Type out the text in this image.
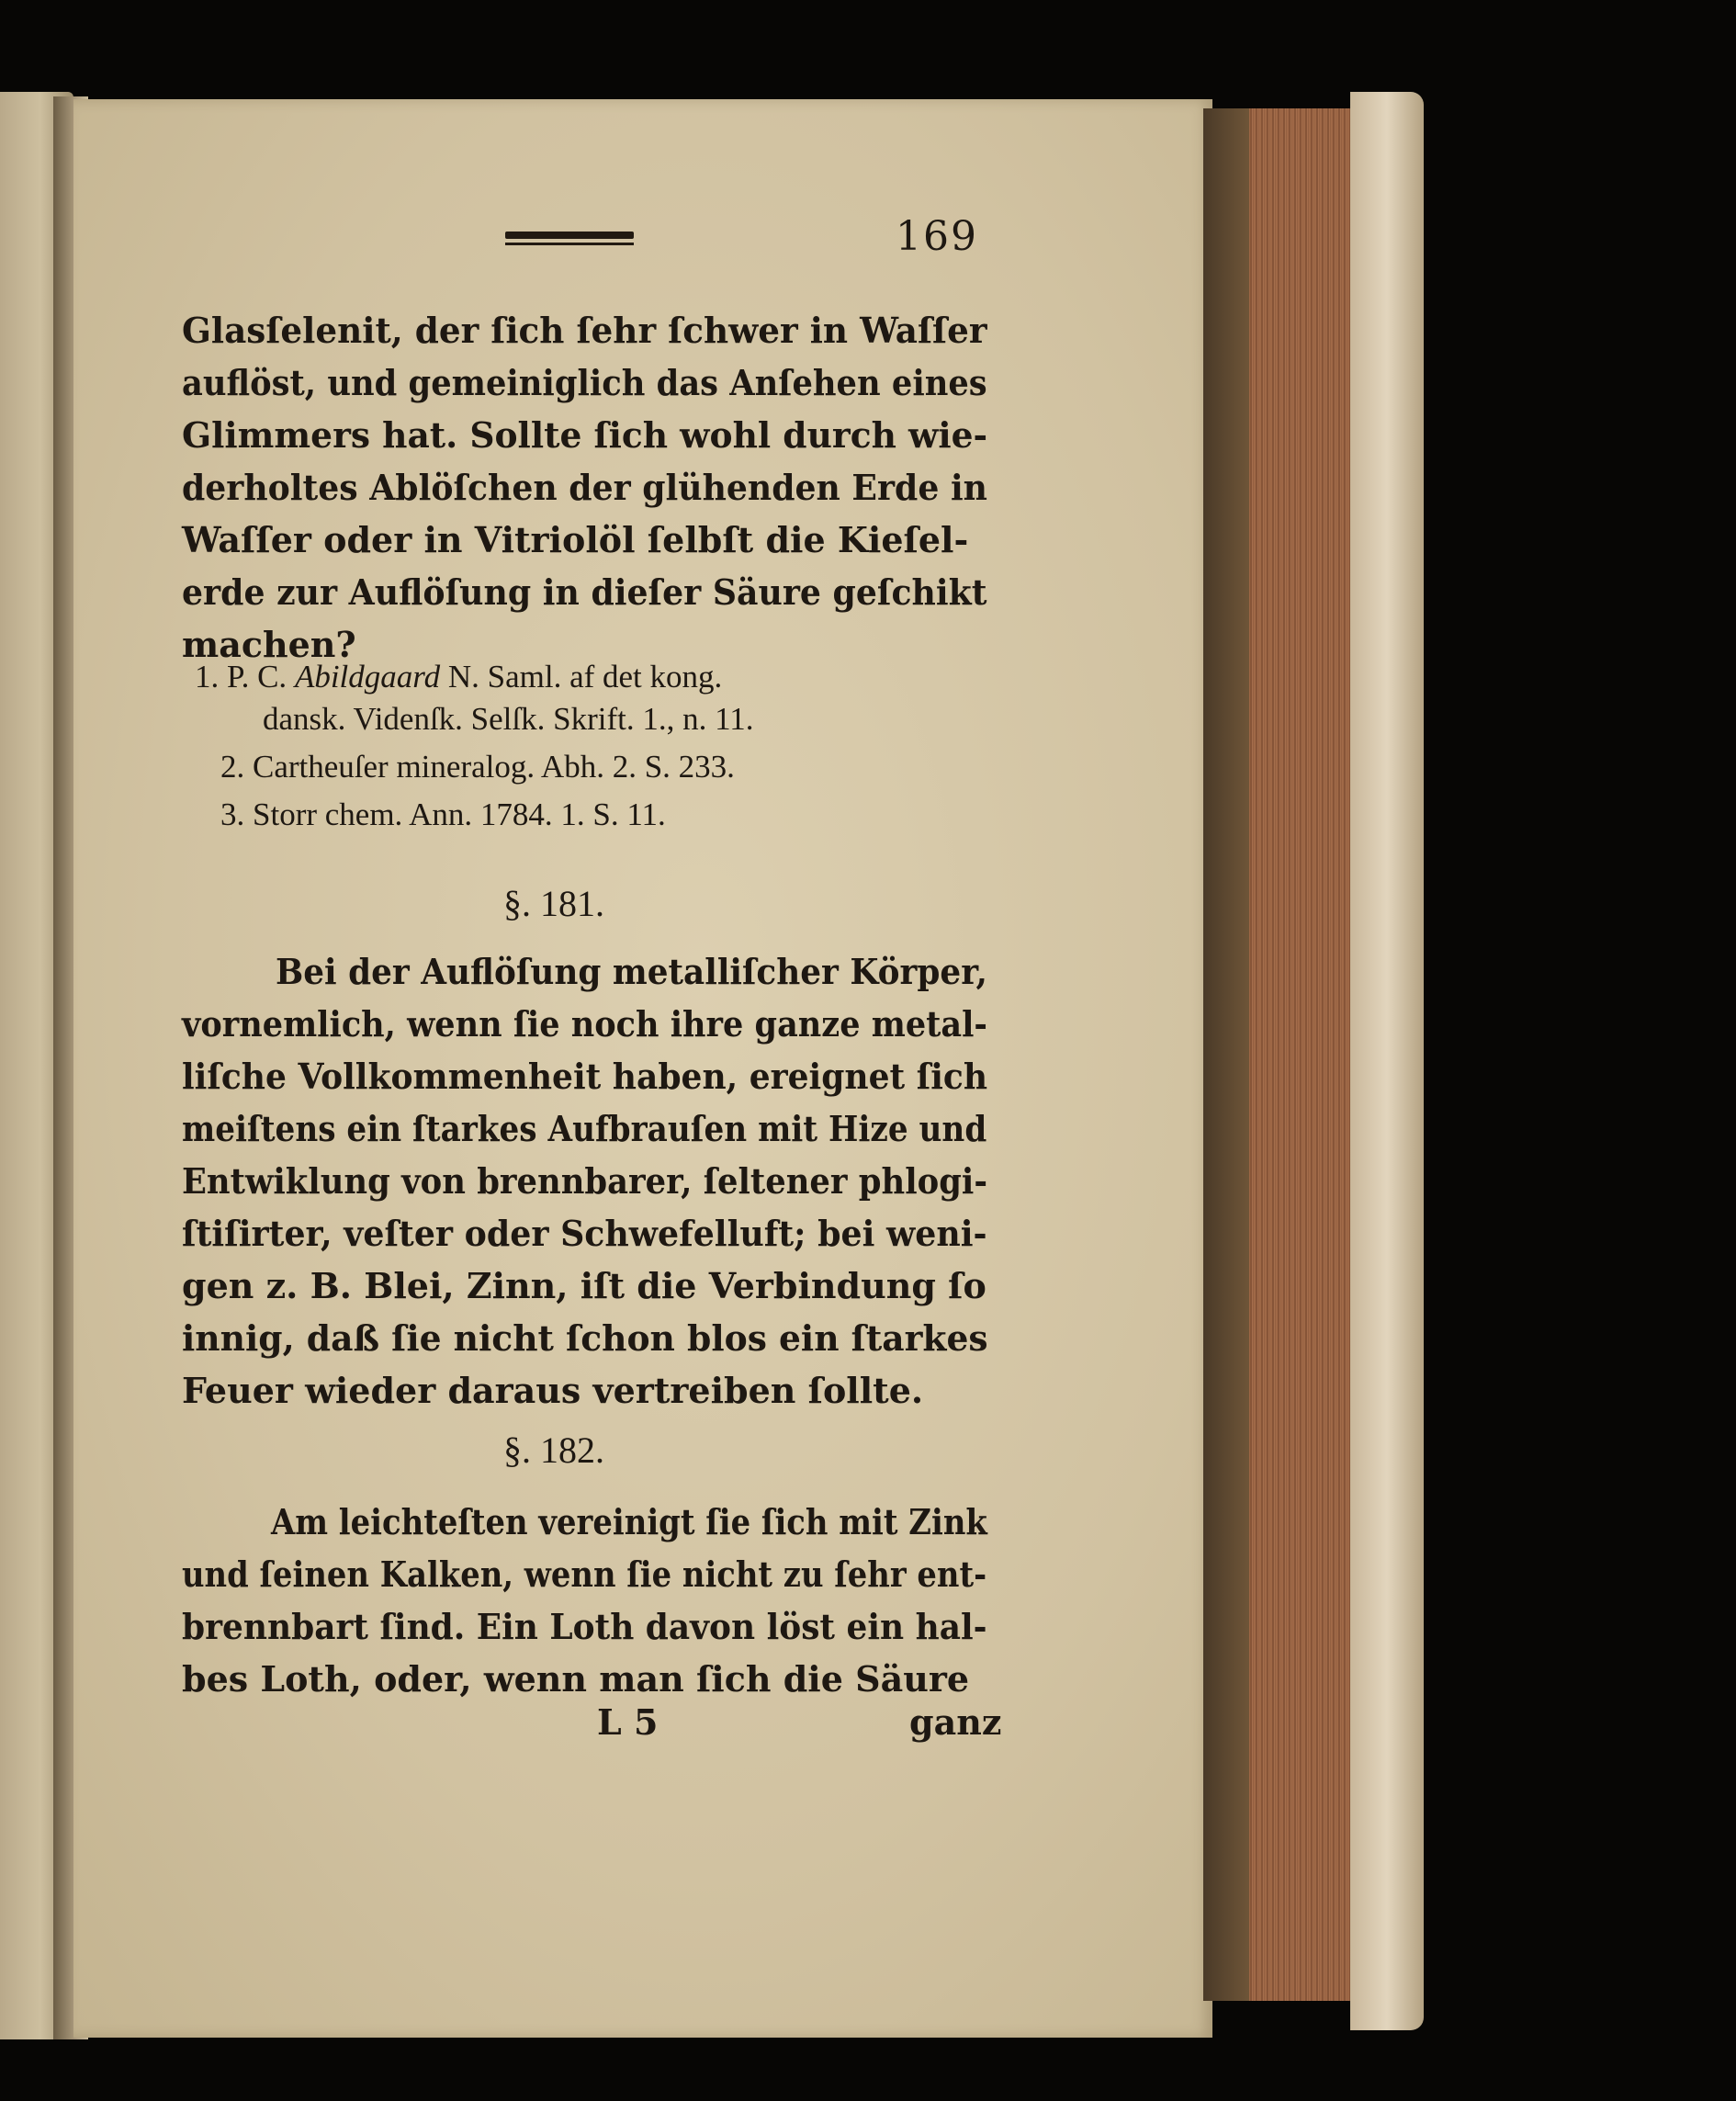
169
Glasſelenit, der ſich ſehr ſchwer in Waſſer
auflöst, und gemeiniglich das Anſehen eines
Glimmers hat. Sollte ſich wohl durch wie-
derholtes Ablöſchen der glühenden Erde in
Waſſer oder in Vitriolöl ſelbſt die Kieſel-
erde zur Auflöſung in dieſer Säure geſchikt
machen?
1. P. C. Abildgaard N. Saml. af det kong.
dansk. Videnſk. Selſk. Skrift. 1., n. 11.
2. Cartheuſer mineralog. Abh. 2. S. 233.
3. Storr chem. Ann. 1784. 1. S. 11.
§. 181.
Bei der Auflöſung metalliſcher Körper,
vornemlich, wenn ſie noch ihre ganze metal-
liſche Vollkommenheit haben, ereignet ſich
meiſtens ein ſtarkes Aufbrauſen mit Hize und
Entwiklung von brennbarer, ſeltener phlogi-
ſtiſirter, veſter oder Schwefelluft; bei weni-
gen z. B. Blei, Zinn, iſt die Verbindung ſo
innig, daß ſie nicht ſchon blos ein ſtarkes
Feuer wieder daraus vertreiben ſollte.
§. 182.
Am leichteſten vereinigt ſie ſich mit Zink
und ſeinen Kalken, wenn ſie nicht zu ſehr ent-
brennbart ſind. Ein Loth davon löst ein hal-
bes Loth, oder, wenn man ſich die Säure
L 5	ganz
